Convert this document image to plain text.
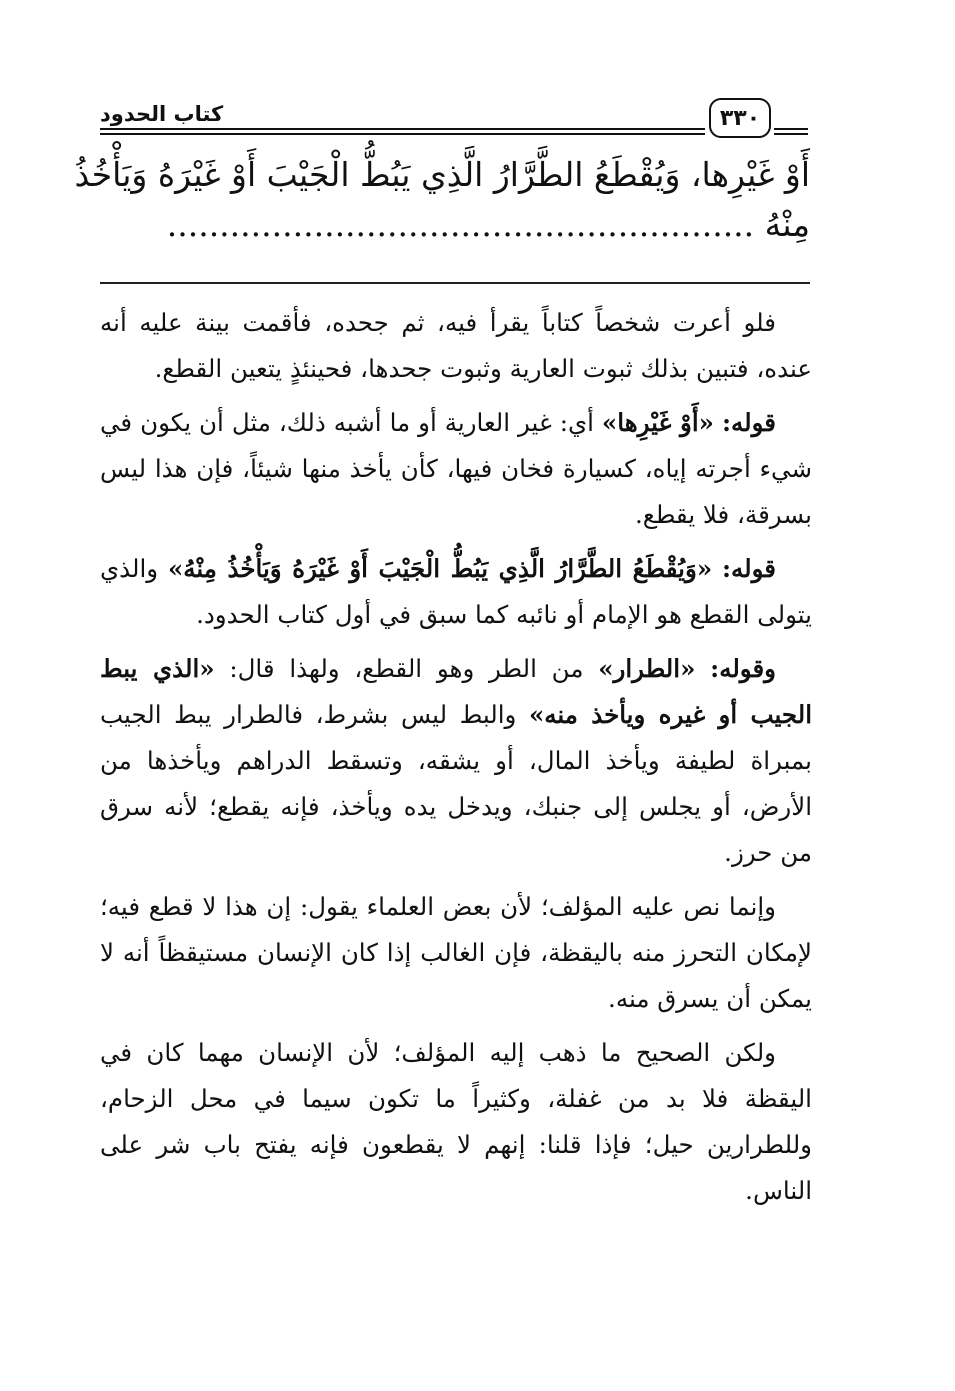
كتاب الحدود	٣٣٠
أَوْ غَيْرِها، وَيُقْطَعُ الطَّرَّارُ الَّذِي يَبُطُّ الْجَيْبَ أَوْ غَيْرَهُ وَيَأْخُذُ
مِنْهُ ........................................................

فلو أعرت شخصاً كتاباً يقرأ فيه، ثم جحده، فأقمت بينة عليه أنه عنده، فتبين بذلك ثبوت العارية وثبوت جحدها، فحينئذٍ يتعين القطع.

قوله: «أَوْ غَيْرِها» أي: غير العارية أو ما أشبه ذلك، مثل أن يكون في شيء أجرته إياه، كسيارة فخان فيها، كأن يأخذ منها شيئاً، فإن هذا ليس بسرقة، فلا يقطع.

قوله: «وَيُقْطَعُ الطَّرَّارُ الَّذِي يَبُطُّ الْجَيْبَ أَوْ غَيْرَهُ وَيَأْخُذُ مِنْهُ» والذي يتولى القطع هو الإمام أو نائبه كما سبق في أول كتاب الحدود.

وقوله: «الطرار» من الطر وهو القطع، ولهذا قال: «الذي يبط الجيب أو غيره ويأخذ منه» والبط ليس بشرط، فالطرار يبط الجيب بمبراة لطيفة ويأخذ المال، أو يشقه، وتسقط الدراهم ويأخذها من الأرض، أو يجلس إلى جنبك، ويدخل يده ويأخذ، فإنه يقطع؛ لأنه سرق من حرز.

وإنما نص عليه المؤلف؛ لأن بعض العلماء يقول: إن هذا لا قطع فيه؛ لإمكان التحرز منه باليقظة، فإن الغالب إذا كان الإنسان مستيقظاً أنه لا يمكن أن يسرق منه.

ولكن الصحيح ما ذهب إليه المؤلف؛ لأن الإنسان مهما كان في اليقظة فلا بد من غفلة، وكثيراً ما تكون سيما في محل الزحام، وللطرارين حيل؛ فإذا قلنا: إنهم لا يقطعون فإنه يفتح باب شر على الناس.
